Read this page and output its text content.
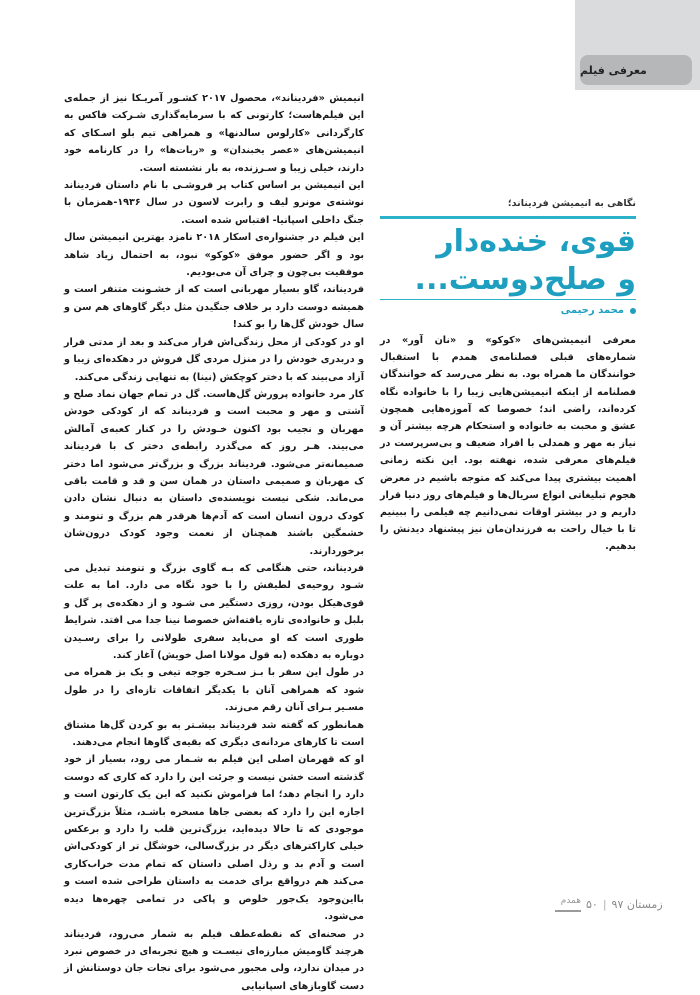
معرفی فیلم

انیمیش «فردیناند»، محصول ۲۰۱۷ کشـور آمریـکا نیز از جمله‌ی این فیلم‌هاست؛ کارتونی که با سرمایه‌گذاری شـرکت فاکس به کارگردانی «کارلوس سالدنها» و همراهی تیم بلو اسـکای که انیمیشن‌های «عصر یخبندان» و «ربات‌ها» را در کارنامه خود دارند، خیلی زیبا و سـرزنده، به بار نشسته است.

این انیمیشن بر اساس کتاب پر فروشـی با نام داستان فردیناند نوشته‌ی مونرو لیف و رابرت لاسون در سال ۱۹۳۶-همزمان با جنگ داخلی اسپانیا- اقتباس شده است.

این فیلم در جشنواره‌ی اسکار ۲۰۱۸ نامزد بهترین انیمیشن سال بود و اگر حضور موفق «کوکو» نبود، به احتمال زیاد شاهد موفقیت بی‌چون و چرای آن می‌بودیم.

فردیناند، گاو بسیار مهربانی است که از خشـونت متنفر است و همیشه دوست دارد بر خلاف جنگیدن مثل دیگر گاوهای هم سن و سال خودش گل‌ها را بو کند!

او در کودکی از محل زندگی‌اش فرار می‌کند و بعد از مدتی فرار و دربدری خودش را در منزل مردی گل فروش در دهکده‌ای زیبا و آزاد می‌بیند که با دختر کوچکش (نینا) به تنهایی زندگی می‌کند.

کار مرد خانواده پرورش گل‌هاست. گل در تمام جهان نماد صلح و آشتی و مهر و محبت است و فردیناند که از کودکی خودش مهربان و نجیب بود اکنون خـودش را در کنار کعبه‌ی آمالش می‌بیند. هـر روز که می‌گذرد رابطه‌ی دختر ک با فردیناند صمیمانه‌تر می‌شود. فردیناند بزرگ و بزرگ‌تر می‌شود اما دختر ک مهربان و صمیمی داستان در همان سن و قد و قامت باقی می‌ماند. شکی نیست نویسنده‌ی داستان به دنبال نشان دادن کودک درون انسان است که آدم‌ها هرقدر هم بزرگ و تنومند و خشمگین باشند همچنان از نعمت وجود کودک درون‌شان برخوردارند.

فردیناند، حتی هنگامی که بـه گاوی بزرگ و تنومند تبدیل می شـود روحیه‌ی لطیفش را با خود نگاه می دارد. اما به علت قوی‌هیکل بودن، روزی دستگیر می شـود و از دهکده‌ی پر گل و بلبل و خانواده‌ی تازه یافته‌اش خصوصا نینا جدا می افتد. شرایط طوری است که او می‌باید سفری طولانی را برای رسـیدن دوباره به دهکده (به قول مولانا اصل خویش) آغاز کند.

در طول این سفر با بـز سـخره جوجه تیغی و یک بز همراه می شود که همراهی آنان با یکدیگر اتفاقات تازه‌ای را در طول مسـیر بـرای آنان رقم می‌زند.

همانطور که گفته شد فردیناند بیشـتر به بو کردن گل‌ها مشتاق است تا کارهای مردانه‌ی دیگری که بقیه‌ی گاوها انجام می‌دهند.

او که قهرمان اصلی این فیلم به شـمار می رود، بسیار از خود گذشته است خشن نیست و جرئت این را دارد که کاری که دوست دارد را انجام دهد؛ اما فراموش نکنید که این یک کارتون است و اجازه این را دارد که بعضی جاها مسخره باشـد، مثلاً بزرگ‌ترین موجودی که تا حالا دیده‌اید، بزرگ‌ترین قلب را دارد و برعکس خیلی کاراکترهای دیگر در بزرگ‌سالی، خوشگل تر از کودکی‌اش است و آدم بد و رذل اصلی داستان که تمام مدت خراب‌کاری می‌کند هم درواقع برای خدمت به داستان طراحی شده است و بااین‌وجود یک‌جور خلوص و پاکی در تمامی چهره‌ها دیده می‌شود.

در صحنه‌ای که نقطه‌عطف فیلم به شمار می‌رود، فردیناند هرچند گاومیش مبارزه‌ای نیسـت و هیچ تجربه‌ای در خصوص نبرد در میدان ندارد، ولی مجبور می‌شود برای نجات جان دوستانش از دست گاوبازهای اسپانیایی

نگاهی به انیمیشن فردیناند؛
قوی، خنده‌دار
و صلح‌دوست...
محمد رحیمی

معرفی انیمیشن‌های «کوکو» و «نان آور» در شماره‌های قبلی فصلنامه‌ی همدم با استقبال خوانندگان ما همراه بود. به نظر می‌رسد که خوانندگان فصلنامه از اینکه انیمیشن‌هایی زیبا را با خانواده نگاه کرده‌اند، راضی اند؛ خصوصا که آموزه‌هایی همچون عشق و محبت به خانواده و استحکام هرچه بیشتر آن و نیاز به مهر و همدلی با افراد ضعیف و بی‌سرپرست در فیلم‌های معرفی شده، نهفته بود. این نکته زمانی اهمیت بیشتری پیدا می‌کند که متوجه باشیم در معرض هجوم تبلیغاتی انواع سریال‌ها و فیلم‌های روز دنیا قرار داریم و در بیشتر اوقات نمی‌دانیم چه فیلمی را ببینیم تا با خیال راحت به فرزندان‌مان نیز پیشنهاد دیدنش را بدهیم.

زمستان ۹۷
|
۵۰
همدم
